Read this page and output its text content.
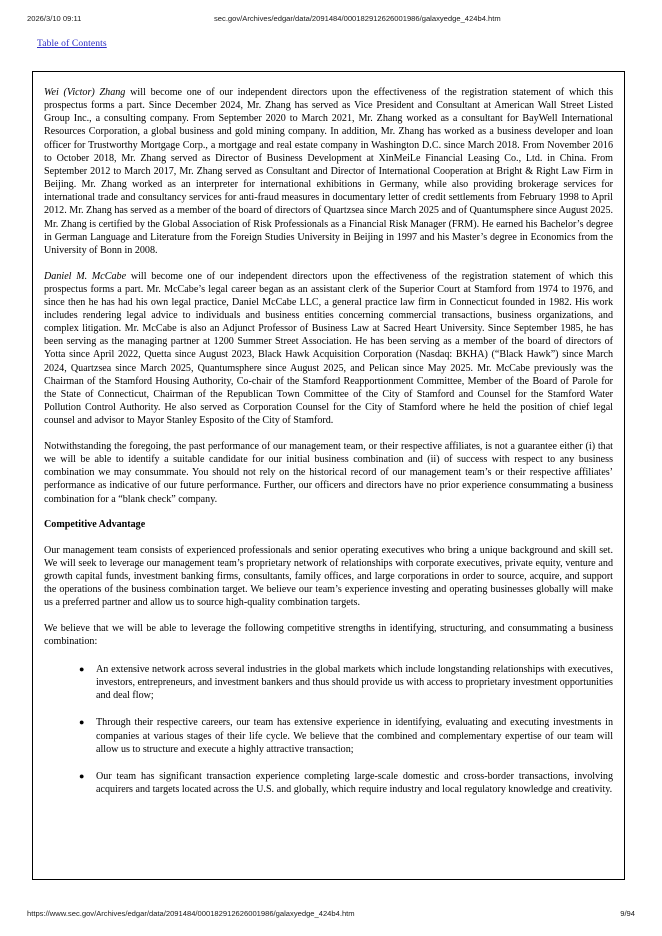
2026/3/10 09:11	sec.gov/Archives/edgar/data/2091484/000182912626001986/galaxyedge_424b4.htm
Table of Contents

Wei (Victor) Zhang will become one of our independent directors upon the effectiveness of the registration statement of which this prospectus forms a part. Since December 2024, Mr. Zhang has served as Vice President and Consultant at American Wall Street Listed Group Inc., a consulting company. From September 2020 to March 2021, Mr. Zhang worked as a consultant for BayWell International Resources Corporation, a global business and gold mining company. In addition, Mr. Zhang has worked as a business developer and loan officer for Trustworthy Mortgage Corp., a mortgage and real estate company in Washington D.C. since March 2018. From November 2016 to October 2018, Mr. Zhang served as Director of Business Development at XinMeiLe Financial Leasing Co., Ltd. in China. From September 2012 to March 2017, Mr. Zhang served as Consultant and Director of International Cooperation at Bright & Right Law Firm in Beijing. Mr. Zhang worked as an interpreter for international exhibitions in Germany, while also providing brokerage services for international trade and consultancy services for anti-fraud measures in documentary letter of credit settlements from February 1998 to April 2012. Mr. Zhang has served as a member of the board of directors of Quartzsea since March 2025 and of Quantumsphere since August 2025. Mr. Zhang is certified by the Global Association of Risk Professionals as a Financial Risk Manager (FRM). He earned his Bachelor’s degree in German Language and Literature from the Foreign Studies University in Beijing in 1997 and his Master’s degree in Economics from the University of Bonn in 2008.

Daniel M. McCabe will become one of our independent directors upon the effectiveness of the registration statement of which this prospectus forms a part. Mr. McCabe’s legal career began as an assistant clerk of the Superior Court at Stamford from 1974 to 1976, and since then he has had his own legal practice, Daniel McCabe LLC, a general practice law firm in Connecticut founded in 1982. His work includes rendering legal advice to individuals and business entities concerning commercial transactions, business organizations, and complex litigation. Mr. McCabe is also an Adjunct Professor of Business Law at Sacred Heart University. Since September 1985, he has been serving as the managing partner at 1200 Summer Street Association. He has been serving as a member of the board of directors of Yotta since April 2022, Quetta since August 2023, Black Hawk Acquisition Corporation (Nasdaq: BKHA) (“Black Hawk”) since March 2024, Quartzsea since March 2025, Quantumsphere since August 2025, and Pelican since May 2025. Mr. McCabe previously was the Chairman of the Stamford Housing Authority, Co-chair of the Stamford Reapportionment Committee, Member of the Board of Parole for the State of Connecticut, Chairman of the Republican Town Committee of the City of Stamford and Counsel for the Stamford Water Pollution Control Authority. He also served as Corporation Counsel for the City of Stamford where he held the position of chief legal counsel and advisor to Mayor Stanley Esposito of the City of Stamford.

Notwithstanding the foregoing, the past performance of our management team, or their respective affiliates, is not a guarantee either (i) that we will be able to identify a suitable candidate for our initial business combination and (ii) of success with respect to any business combination we may consummate. You should not rely on the historical record of our management team’s or their respective affiliates’ performance as indicative of our future performance. Further, our officers and directors have no prior experience consummating a business combination for a “blank check” company.

Competitive Advantage

Our management team consists of experienced professionals and senior operating executives who bring a unique background and skill set. We will seek to leverage our management team’s proprietary network of relationships with corporate executives, private equity, venture and growth capital funds, investment banking firms, consultants, family offices, and large corporations in order to source, acquire, and support the operations of the business combination target. We believe our team’s experience investing and operating businesses globally will make us a preferred partner and allow us to source high-quality combination targets.

We believe that we will be able to leverage the following competitive strengths in identifying, structuring, and consummating a business combination:

● An extensive network across several industries in the global markets which include longstanding relationships with executives, investors, entrepreneurs, and investment bankers and thus should provide us with access to proprietary investment opportunities and deal flow;
● Through their respective careers, our team has extensive experience in identifying, evaluating and executing investments in companies at various stages of their life cycle. We believe that the combined and complementary expertise of our team will allow us to structure and execute a highly attractive transaction;
● Our team has significant transaction experience completing large-scale domestic and cross-border transactions, involving acquirers and targets located across the U.S. and globally, which require industry and local regulatory knowledge and creativity.
https://www.sec.gov/Archives/edgar/data/2091484/000182912626001986/galaxyedge_424b4.htm	9/94
